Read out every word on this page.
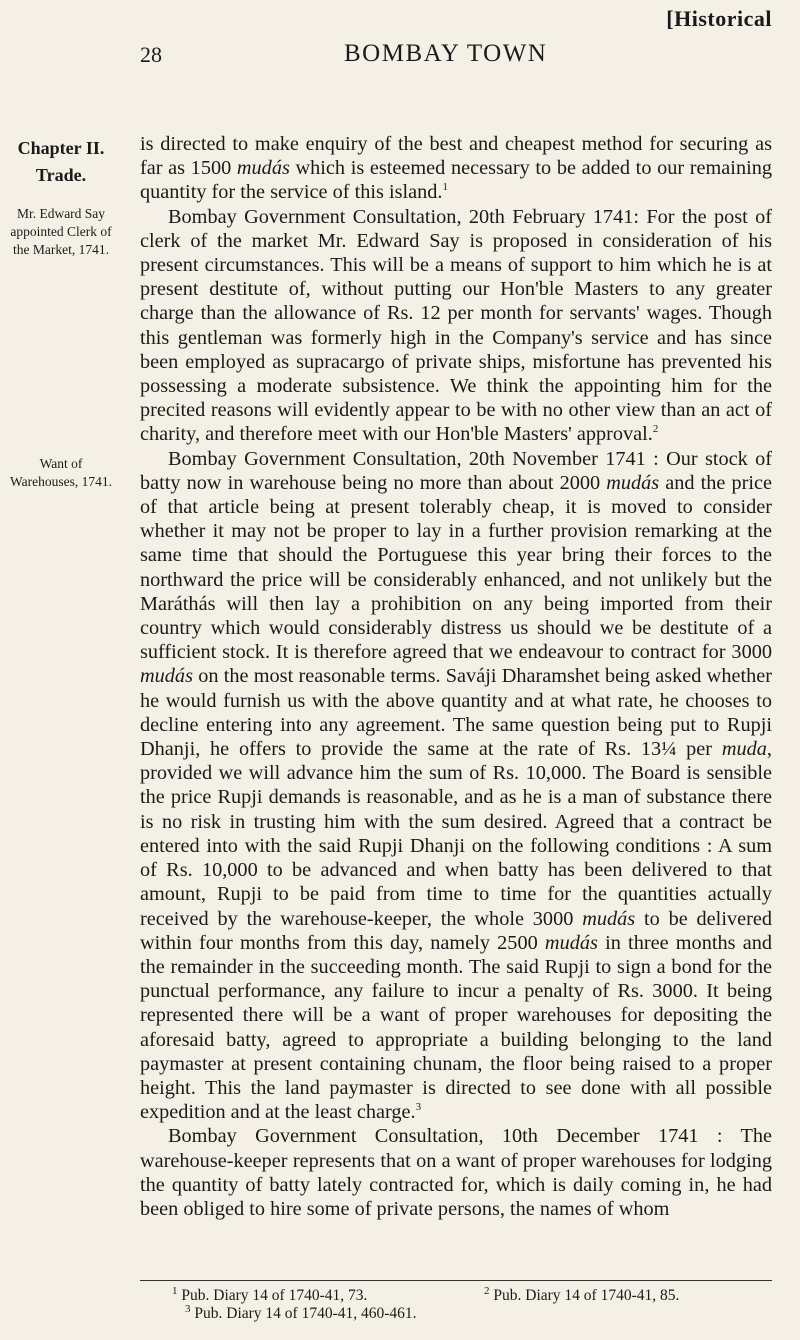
[Historical
28	BOMBAY TOWN
Chapter II.
Trade.
Mr. Edward Say appointed Clerk of the Market, 1741.
Want of Warehouses, 1741.

is directed to make enquiry of the best and cheapest method for securing as far as 1500 mudás which is esteemed necessary to be added to our remaining quantity for the service of this island.$^1$

Bombay Government Consultation, 20th February 1741: For the post of clerk of the market Mr. Edward Say is proposed in consideration of his present circumstances. This will be a means of support to him which he is at present destitute of, without putting our Hon'ble Masters to any greater charge than the allowance of Rs. 12 per month for servants' wages. Though this gentleman was formerly high in the Company's service and has since been employed as supracargo of private ships, misfortune has prevented his possessing a moderate subsistence. We think the appointing him for the precited reasons will evidently appear to be with no other view than an act of charity, and therefore meet with our Hon'ble Masters' approval.$^2$

Bombay Government Consultation, 20th November 1741 : Our stock of batty now in warehouse being no more than about 2000 mudás and the price of that article being at present tolerably cheap, it is moved to consider whether it may not be proper to lay in a further provision remarking at the same time that should the Portuguese this year bring their forces to the northward the price will be considerably enhanced, and not unlikely but the Maráthás will then lay a prohibition on any being imported from their country which would considerably distress us should we be destitute of a sufficient stock. It is therefore agreed that we endeavour to contract for 3000 mudás on the most reasonable terms. Saváji Dharamshet being asked whether he would furnish us with the above quantity and at what rate, he chooses to decline entering into any agreement. The same question being put to Rupji Dhanji, he offers to provide the same at the rate of Rs. 13¼ per muda, provided we will advance him the sum of Rs. 10,000. The Board is sensible the price Rupji demands is reasonable, and as he is a man of substance there is no risk in trusting him with the sum desired. Agreed that a contract be entered into with the said Rupji Dhanji on the following conditions : A sum of Rs. 10,000 to be advanced and when batty has been delivered to that amount, Rupji to be paid from time to time for the quantities actually received by the warehouse-keeper, the whole 3000 mudás to be delivered within four months from this day, namely 2500 mudás in three months and the remainder in the succeeding month. The said Rupji to sign a bond for the punctual performance, any failure to incur a penalty of Rs. 3000. It being represented there will be a want of proper warehouses for depositing the aforesaid batty, agreed to appropriate a building belonging to the land paymaster at present containing chunam, the floor being raised to a proper height. This the land paymaster is directed to see done with all possible expedition and at the least charge.$^3$

Bombay Government Consultation, 10th December 1741 : The warehouse-keeper represents that on a want of proper warehouses for lodging the quantity of batty lately contracted for, which is daily coming in, he had been obliged to hire some of private persons, the names of whom

$^1$ Pub. Diary 14 of 1740-41, 73.	$^2$ Pub. Diary 14 of 1740-41, 85.
$^3$ Pub. Diary 14 of 1740-41, 460-461.
